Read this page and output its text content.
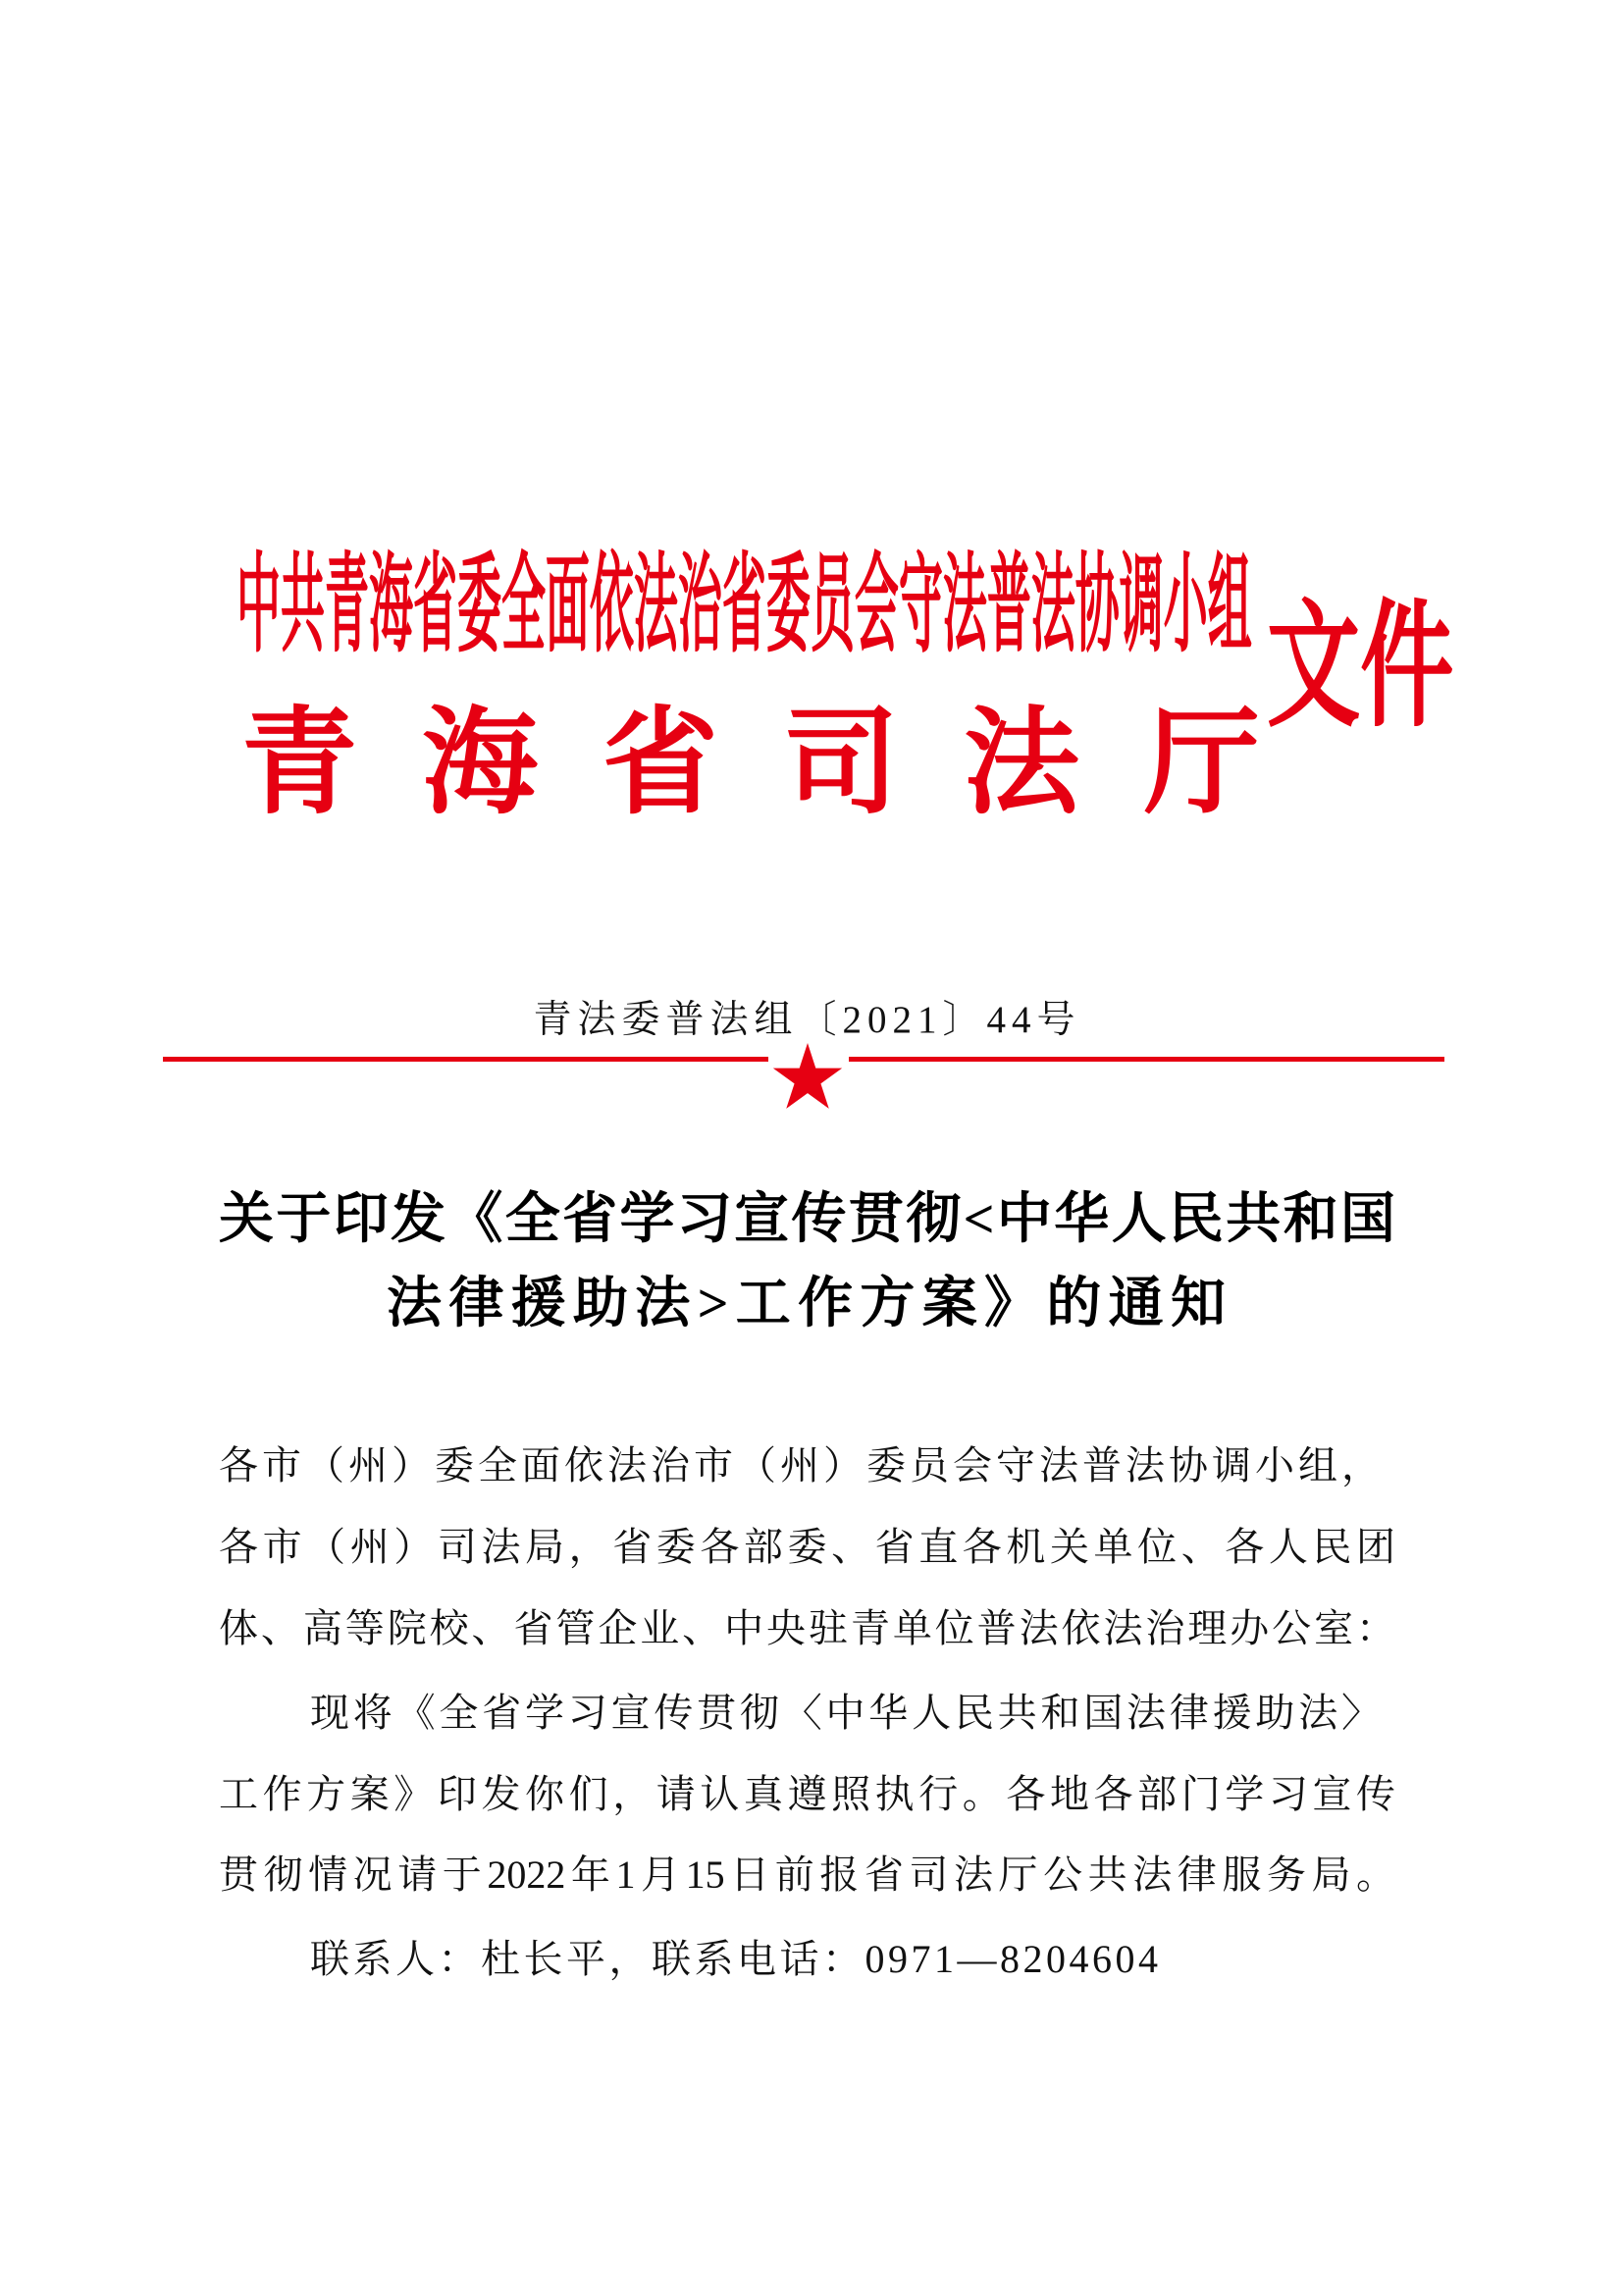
中共青海省委全面依法治省委员会守法普法协调小组
青海省司法厅
文件
青法委普法组〔2021〕44号
关于印发《全省学习宣传贯彻<中华人民共和国
法律援助法>工作方案》的通知
各市（州）委全面依法治市（州）委员会守法普法协调小组，
各市（州）司法局，省委各部委、省直各机关单位、各人民团
体、高等院校、省管企业、中央驻青单位普法依法治理办公室：
现将《全省学习宣传贯彻〈中华人民共和国法律援助法〉
工作方案》印发你们，请认真遵照执行。各地各部门学习宣传
贯彻情况请于2022年1月15日前报省司法厅公共法律服务局。
联系人：杜长平，联系电话：0971—8204604
